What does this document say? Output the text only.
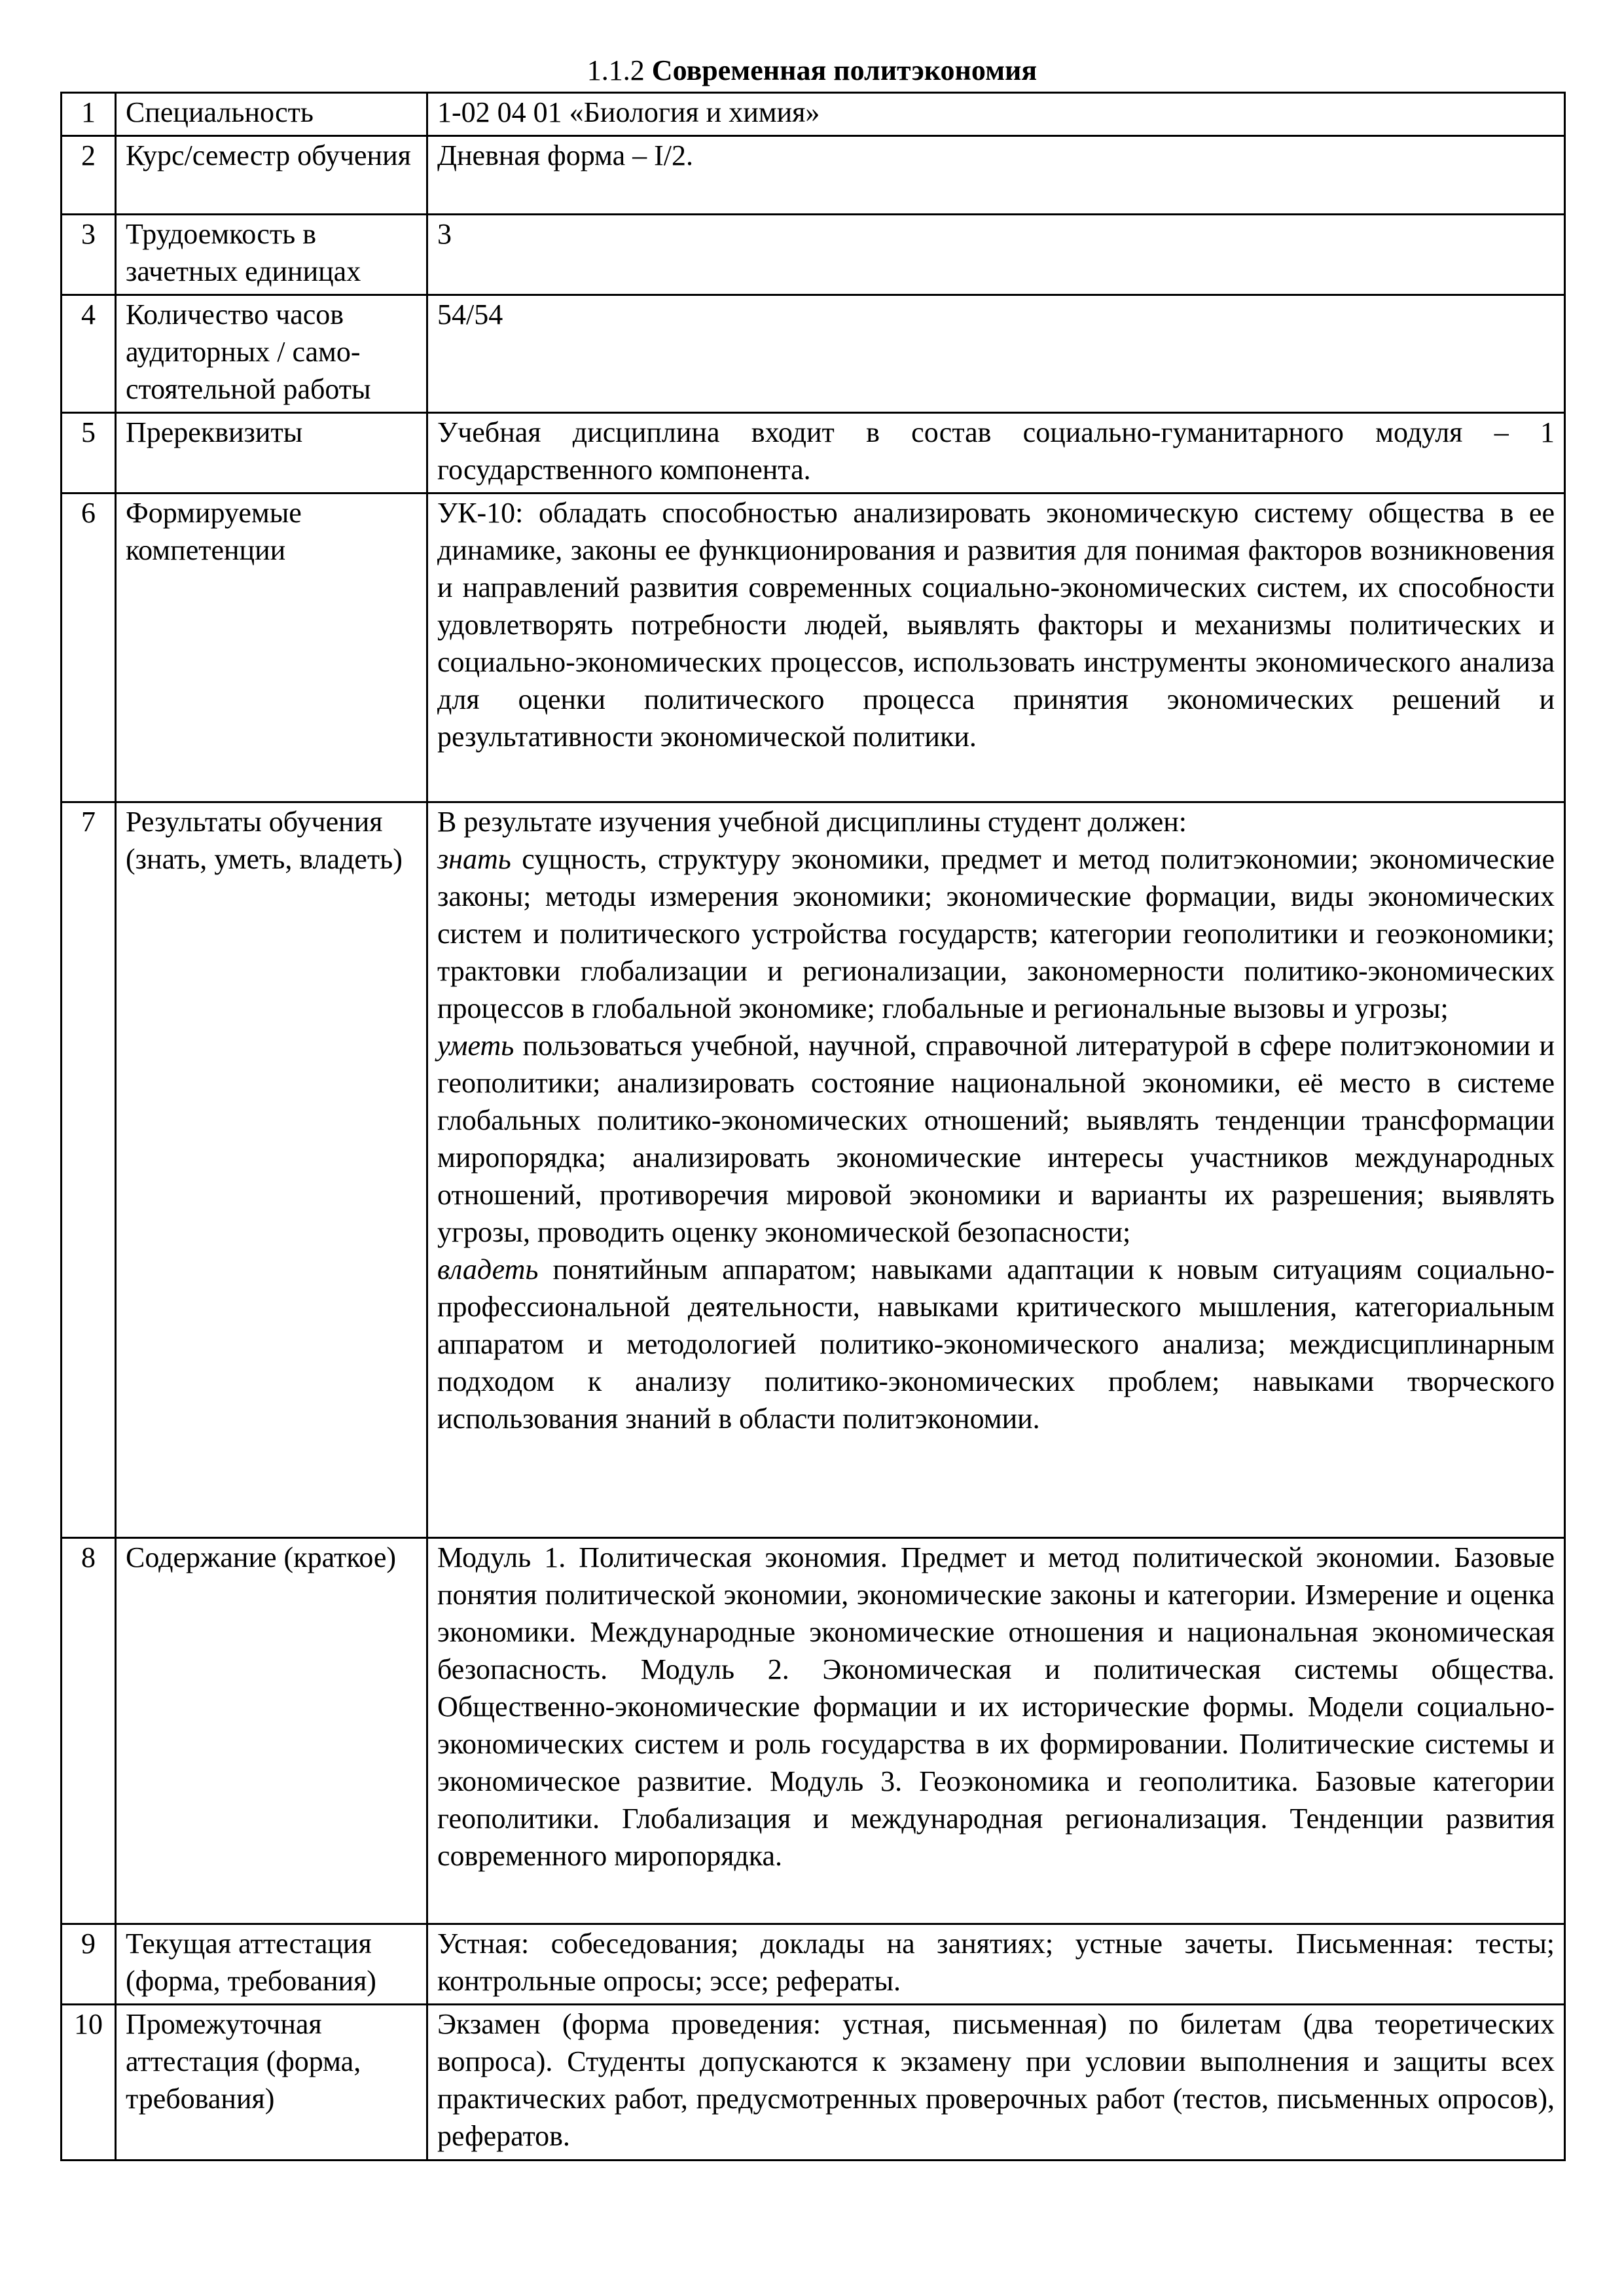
1.1.2 Современная политэкономия
1	Специальность	1-02 04 01 «Биология и химия»
2	Курс/семестр обучения	Дневная форма – I/2.
3	Трудоемкость в зачетных единицах	3
4	Количество часов аудиторных / само-стоятельной работы	54/54
5	Пререквизиты	Учебная дисциплина входит в состав социально-гуманитарного модуля – 1 государственного компонента.
6	Формируемые компетенции	УК-10: обладать способностью анализировать экономическую систему общества в ее динамике, законы ее функционирования и развития для понимая факторов возникновения и направлений развития современных социально-экономических систем, их способности удовлетворять потребности людей, выявлять факторы и механизмы политических и социально-экономических процессов, использовать инструменты экономического анализа для оценки политического процесса принятия экономических решений и результативности экономической политики.
7	Результаты обучения (знать, уметь, владеть)	В результате изучения учебной дисциплины студент должен:
знать сущность, структуру экономики, предмет и метод политэкономии; экономические законы; методы измерения экономики; экономические формации, виды экономических систем и политического устройства государств; категории геополитики и геоэкономики; трактовки глобализации и регионализации, закономерности политико-экономических процессов в глобальной экономике; глобальные и региональные вызовы и угрозы;
уметь пользоваться учебной, научной, справочной литературой в сфере политэкономии и геополитики; анализировать состояние национальной экономики, её место в системе глобальных политико-экономических отношений; выявлять тенденции трансформации миропорядка; анализировать экономические интересы участников международных отношений, противоречия мировой экономики и варианты их разрешения; выявлять угрозы, проводить оценку экономической безопасности;
владеть понятийным аппаратом; навыками адаптации к новым ситуациям социально-профессиональной деятельности, навыками критического мышления, категориальным аппаратом и методологией политико-экономического анализа; междисциплинарным подходом к анализу политико-экономических проблем; навыками творческого использования знаний в области политэкономии.

8	Содержание (краткое)	Модуль 1. Политическая экономия. Предмет и метод политической экономии. Базовые понятия политической экономии, экономические законы и категории. Измерение и оценка экономики. Международные экономические отношения и национальная экономическая безопасность. Модуль 2. Экономическая и политическая системы общества. Общественно-экономические формации и их исторические формы. Модели социально-экономических систем и роль государства в их формировании. Политические системы и экономическое развитие. Модуль 3. Геоэкономика и геополитика. Базовые категории геополитики. Глобализация и международная регионализация. Тенденции развития современного миропорядка.
9	Текущая аттестация (форма, требования)	Устная: собеседования; доклады на занятиях; устные зачеты. Письменная: тесты; контрольные опросы; эссе; рефераты.
10	Промежуточная аттестация (форма, требования)	Экзамен (форма проведения: устная, письменная) по билетам (два теоретических вопроса). Студенты допускаются к экзамену при условии выполнения и защиты всех практических работ, предусмотренных проверочных работ (тестов, письменных опросов), рефератов.
